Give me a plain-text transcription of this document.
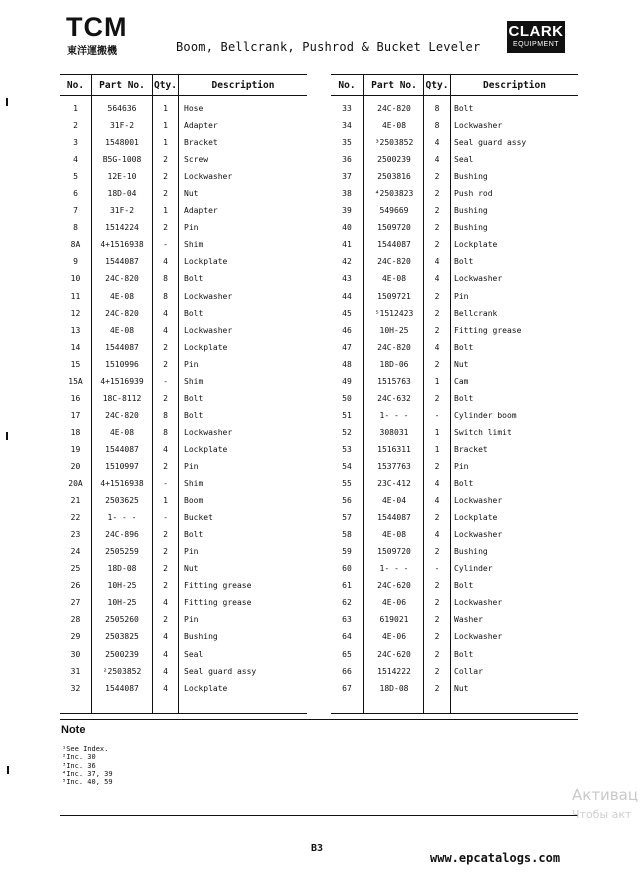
TCM
東洋運搬機	Boom, Bellcrank, Pushrod & Bucket Leveler
CLARK
EQUIPMENT
No.	Part No. Qty.	Description
1	564636	1	Hose
2	31F-2	1	Adapter
3	1548001	1	Bracket
4	B5G-1008	2	Screw
5	12E-10	2	Lockwasher
6	18D-04	2	Nut
7	31F-2	1	Adapter
8	1514224	2	Pin
8A	4+1516938	-	Shim
9	1544087	4	Lockplate
10	24C-820	8	Bolt
11	4E-08	8	Lockwasher
12	24C-820	4	Bolt
13	4E-08	4	Lockwasher
14	1544087	2	Lockplate
15	1510996	2	Pin
15A	4+1516939	-	Shim
16	18C-8112	2	Bolt
17	24C-820	8	Bolt
18	4E-08	8	Lockwasher
19	1544087	4	Lockplate
20	1510997	2	Pin
20A	4+1516938	-	Shim
21	2503625	1	Boom
22	1- - -	-	Bucket
23	24C-896	2	Bolt
24	2505259	2	Pin
25	18D-08	2	Nut
26	10H-25	2	Fitting grease
27	10H-25	4	Fitting grease
28	2505260	2	Pin
29	2503825	4	Bushing
30	2500239	4	Seal
31	²2503852	4	Seal guard assy
32	1544087	4	Lockplate
No.	Part No. Qty.	Description
33	24C-820	8	Bolt
34	4E-08	8	Lockwasher
35	³2503852	4	Seal guard assy
36	2500239	4	Seal
37	2503816	2	Bushing
38	⁴2503823	2	Push rod
39	549669	2	Bushing
40	1509720	2	Bushing
41	1544087	2	Lockplate
42	24C-820	4	Bolt
43	4E-08	4	Lockwasher
44	1509721	2	Pin
45	⁵1512423	2	Bellcrank
46	10H-25	2	Fitting grease
47	24C-820	4	Bolt
48	18D-06	2	Nut
49	1515763	1	Cam
50	24C-632	2	Bolt
51	1- - -	-	Cylinder boom
52	308031	1	Switch limit
53	1516311	1	Bracket
54	1537763	2	Pin
55	23C-412	4	Bolt
56	4E-04	4	Lockwasher
57	1544087	2	Lockplate
58	4E-08	4	Lockwasher
59	1509720	2	Bushing
60	1- - -	-	Cylinder
61	24C-620	2	Bolt
62	4E-06	2	Lockwasher
63	619021	2	Washer
64	4E-06	2	Lockwasher
65	24C-620	2	Bolt
66	1514222	2	Collar
67	18D-08	2	Nut
Note
¹See Index.
²Inc. 30
³Inc. 36
⁴Inc. 37, 39
⁵Inc. 40, 59
Активац
Чтобы акт
B3
www.epcatalogs.com
